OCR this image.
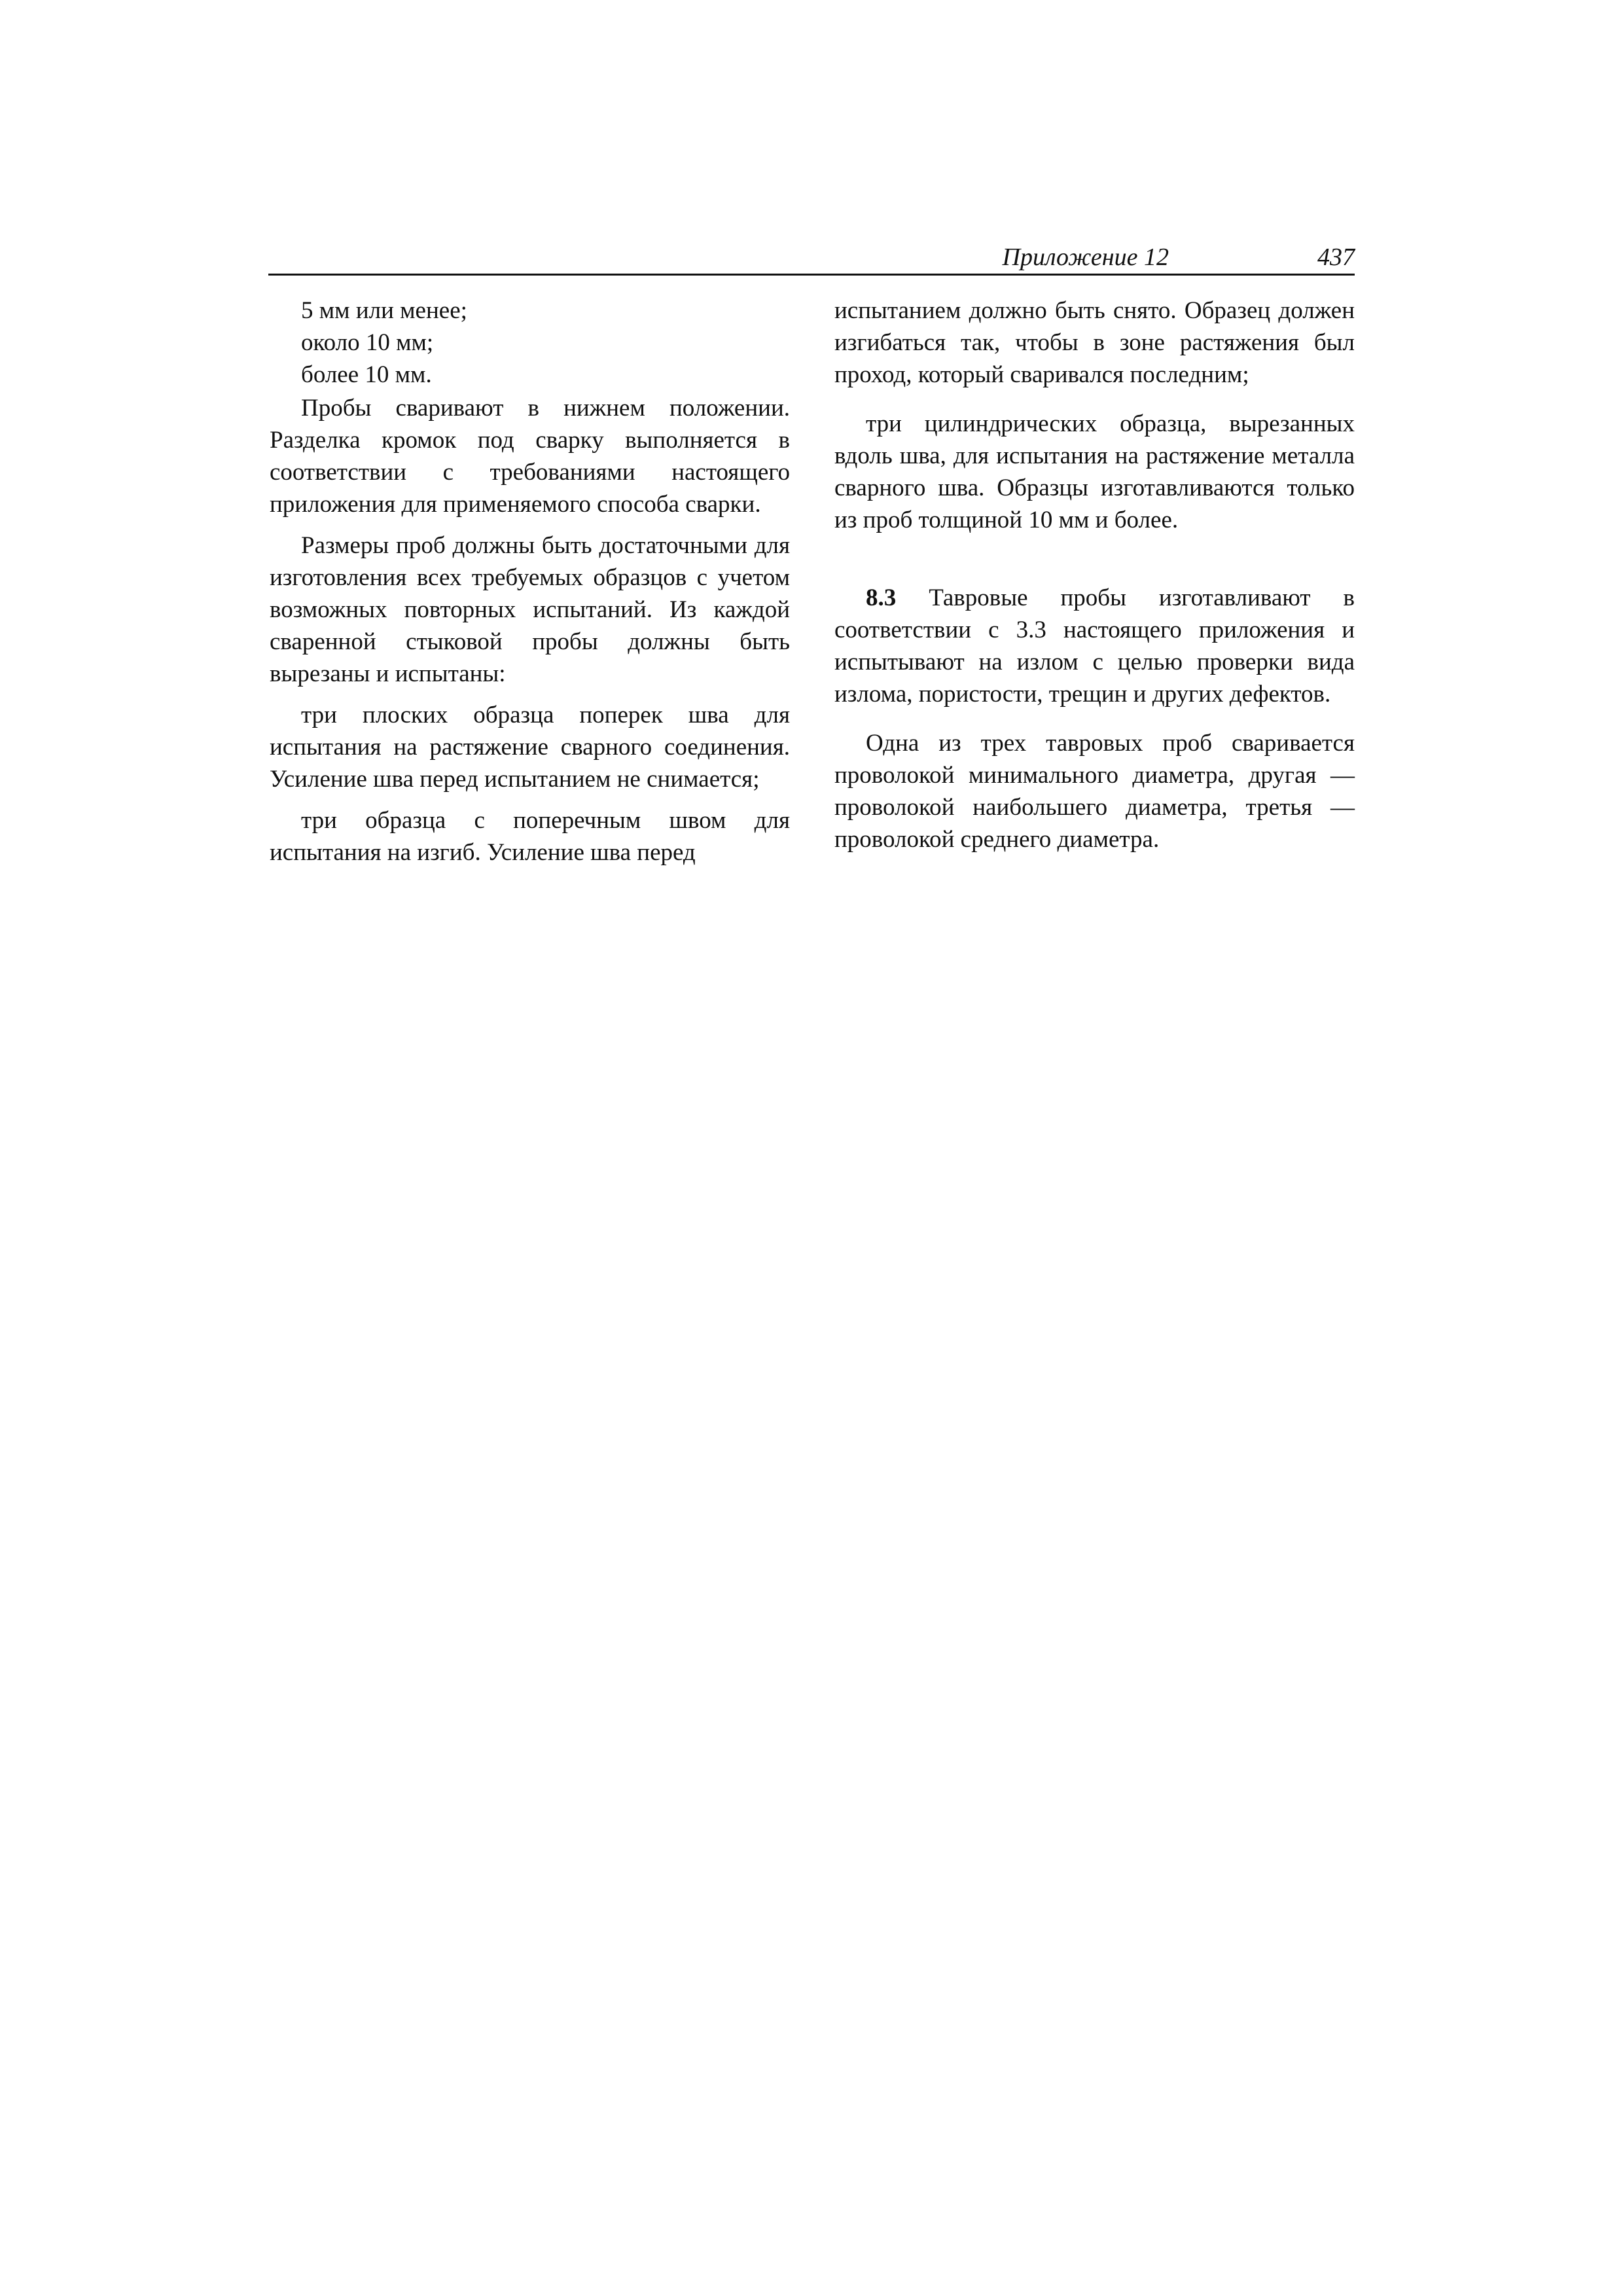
Приложение 12	437

5 мм или менее;

около 10 мм;

более 10 мм.

Пробы сваривают в нижнем положении. Разделка кромок под сварку выполняется в соответствии с требованиями настоящего приложения для применяемого способа сварки.

Размеры проб должны быть достаточными для изготовления всех требуемых образцов с учетом возможных повторных испытаний. Из каждой сваренной стыковой пробы должны быть вырезаны и испытаны:

три плоских образца поперек шва для испытания на растяжение сварного соединения. Усиление шва перед испытанием не снимается;

три образца с поперечным швом для испытания на изгиб. Усиление шва перед

испытанием должно быть снято. Образец должен изгибаться так, чтобы в зоне растяжения был проход, который сваривался последним;

три цилиндрических образца, вырезанных вдоль шва, для испытания на растяжение металла сварного шва. Образцы изготавливаются только из проб толщиной 10 мм и более.

8.3 Тавровые пробы изготавливают в соответствии с 3.3 настоящего приложения и испытывают на излом с целью проверки вида излома, пористости, трещин и других дефектов.

Одна из трех тавровых проб сваривается проволокой минимального диаметра, другая — проволокой наибольшего диаметра, третья — проволокой среднего диаметра.
